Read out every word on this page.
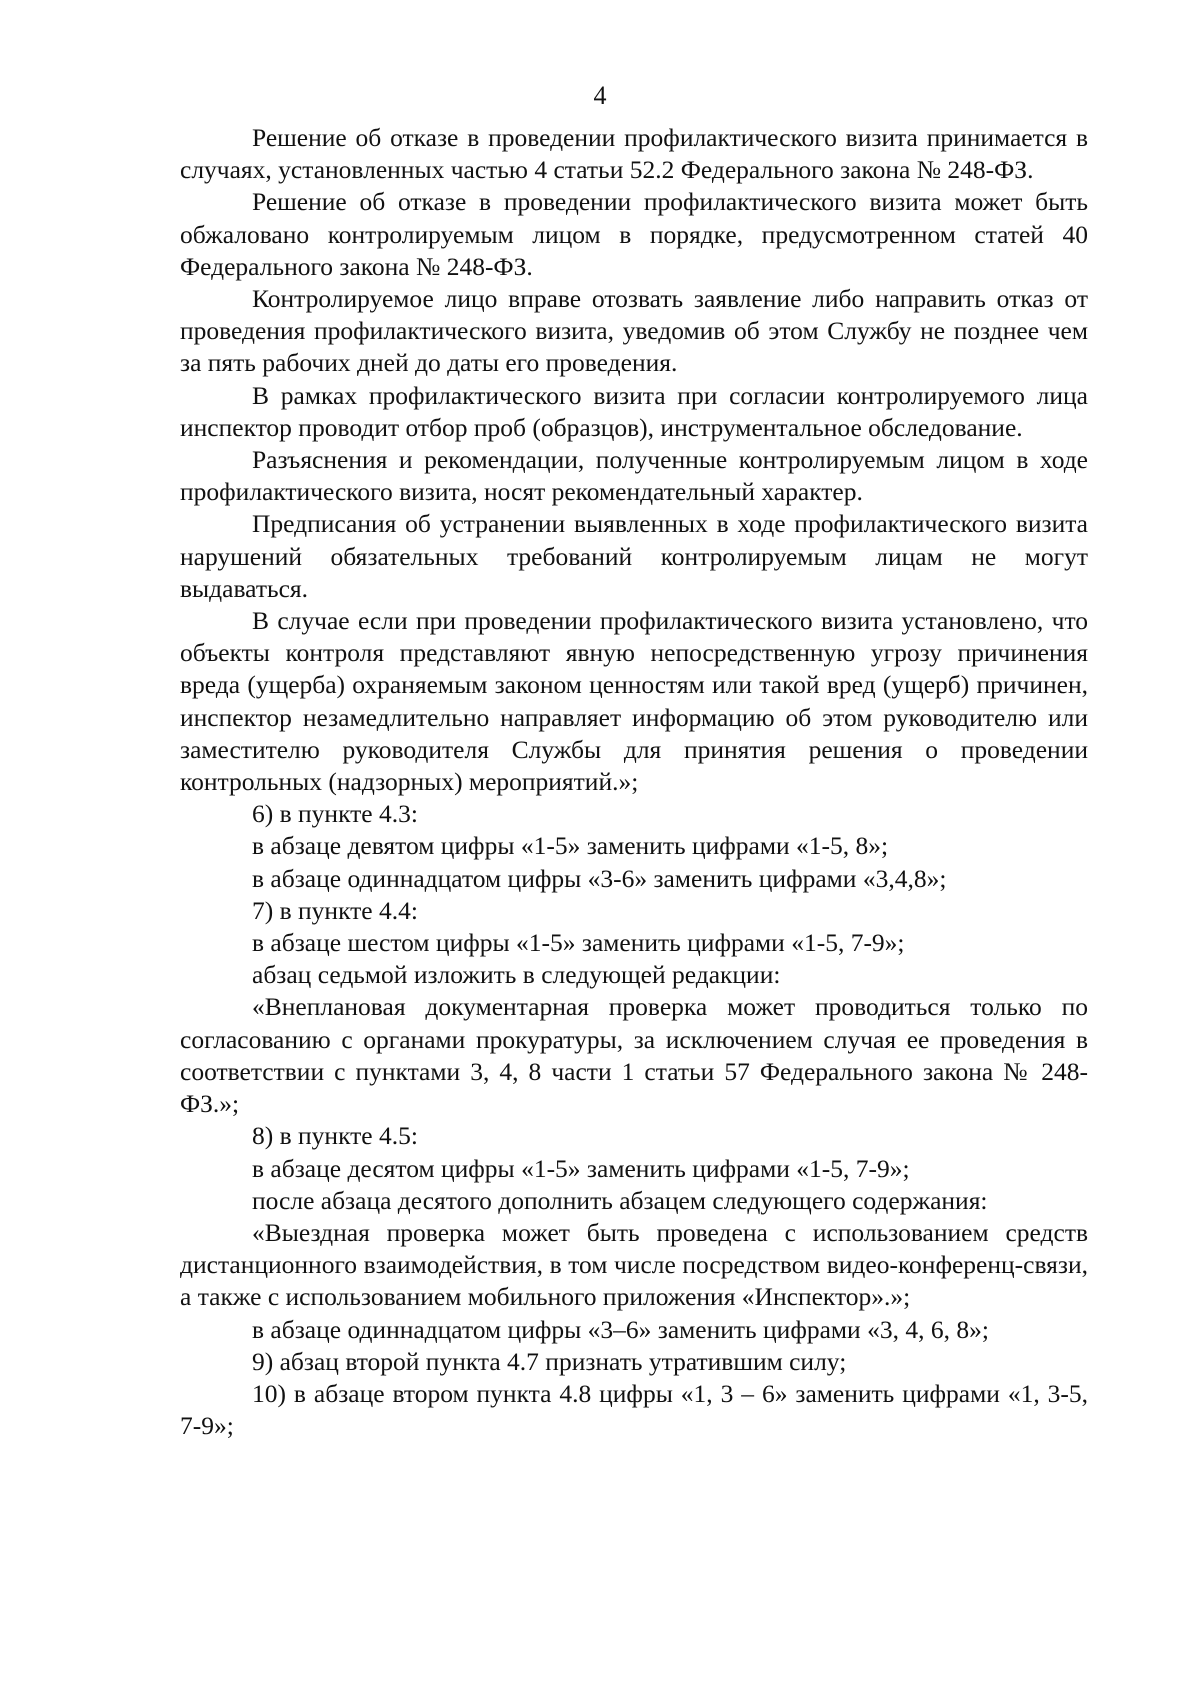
4

Решение об отказе в проведении профилактического визита принимается в случаях, установленных частью 4 статьи 52.2 Федерального закона № 248-ФЗ.

Решение об отказе в проведении профилактического визита может быть обжаловано контролируемым лицом в порядке, предусмотренном статей 40 Федерального закона № 248-ФЗ.

Контролируемое лицо вправе отозвать заявление либо направить отказ от проведения профилактического визита, уведомив об этом Службу не позднее чем за пять рабочих дней до даты его проведения.

В рамках профилактического визита при согласии контролируемого лица инспектор проводит отбор проб (образцов), инструментальное обследование.

Разъяснения и рекомендации, полученные контролируемым лицом в ходе профилактического визита, носят рекомендательный характер.

Предписания об устранении выявленных в ходе профилактического визита нарушений обязательных требований контролируемым лицам не могут выдаваться.

В случае если при проведении профилактического визита установлено, что объекты контроля представляют явную непосредственную угрозу причинения вреда (ущерба) охраняемым законом ценностям или такой вред (ущерб) причинен, инспектор незамедлительно направляет информацию об этом руководителю или заместителю руководителя Службы для принятия решения о проведении контрольных (надзорных) мероприятий.»;

6) в пункте 4.3:

в абзаце девятом цифры «1-5» заменить цифрами «1-5, 8»;

в абзаце одиннадцатом цифры «3-6» заменить цифрами «3,4,8»;

7) в пункте 4.4:

в абзаце шестом цифры «1-5» заменить цифрами «1-5, 7-9»;

абзац седьмой изложить в следующей редакции:

«Внеплановая документарная проверка может проводиться только по согласованию с органами прокуратуры, за исключением случая ее проведения в соответствии с пунктами 3, 4, 8 части 1 статьи 57 Федерального закона № 248-ФЗ.»;

8) в пункте 4.5:

в абзаце десятом цифры «1-5» заменить цифрами «1-5, 7-9»;

после абзаца десятого дополнить абзацем следующего содержания:

«Выездная проверка может быть проведена с использованием средств дистанционного взаимодействия, в том числе посредством видео-конференц-связи, а также с использованием мобильного приложения «Инспектор».»;

в абзаце одиннадцатом цифры «3–6» заменить цифрами «3, 4, 6, 8»;

9) абзац второй пункта 4.7 признать утратившим силу;

10) в абзаце втором пункта 4.8 цифры «1, 3 – 6» заменить цифрами «1, 3-5, 7-9»;
